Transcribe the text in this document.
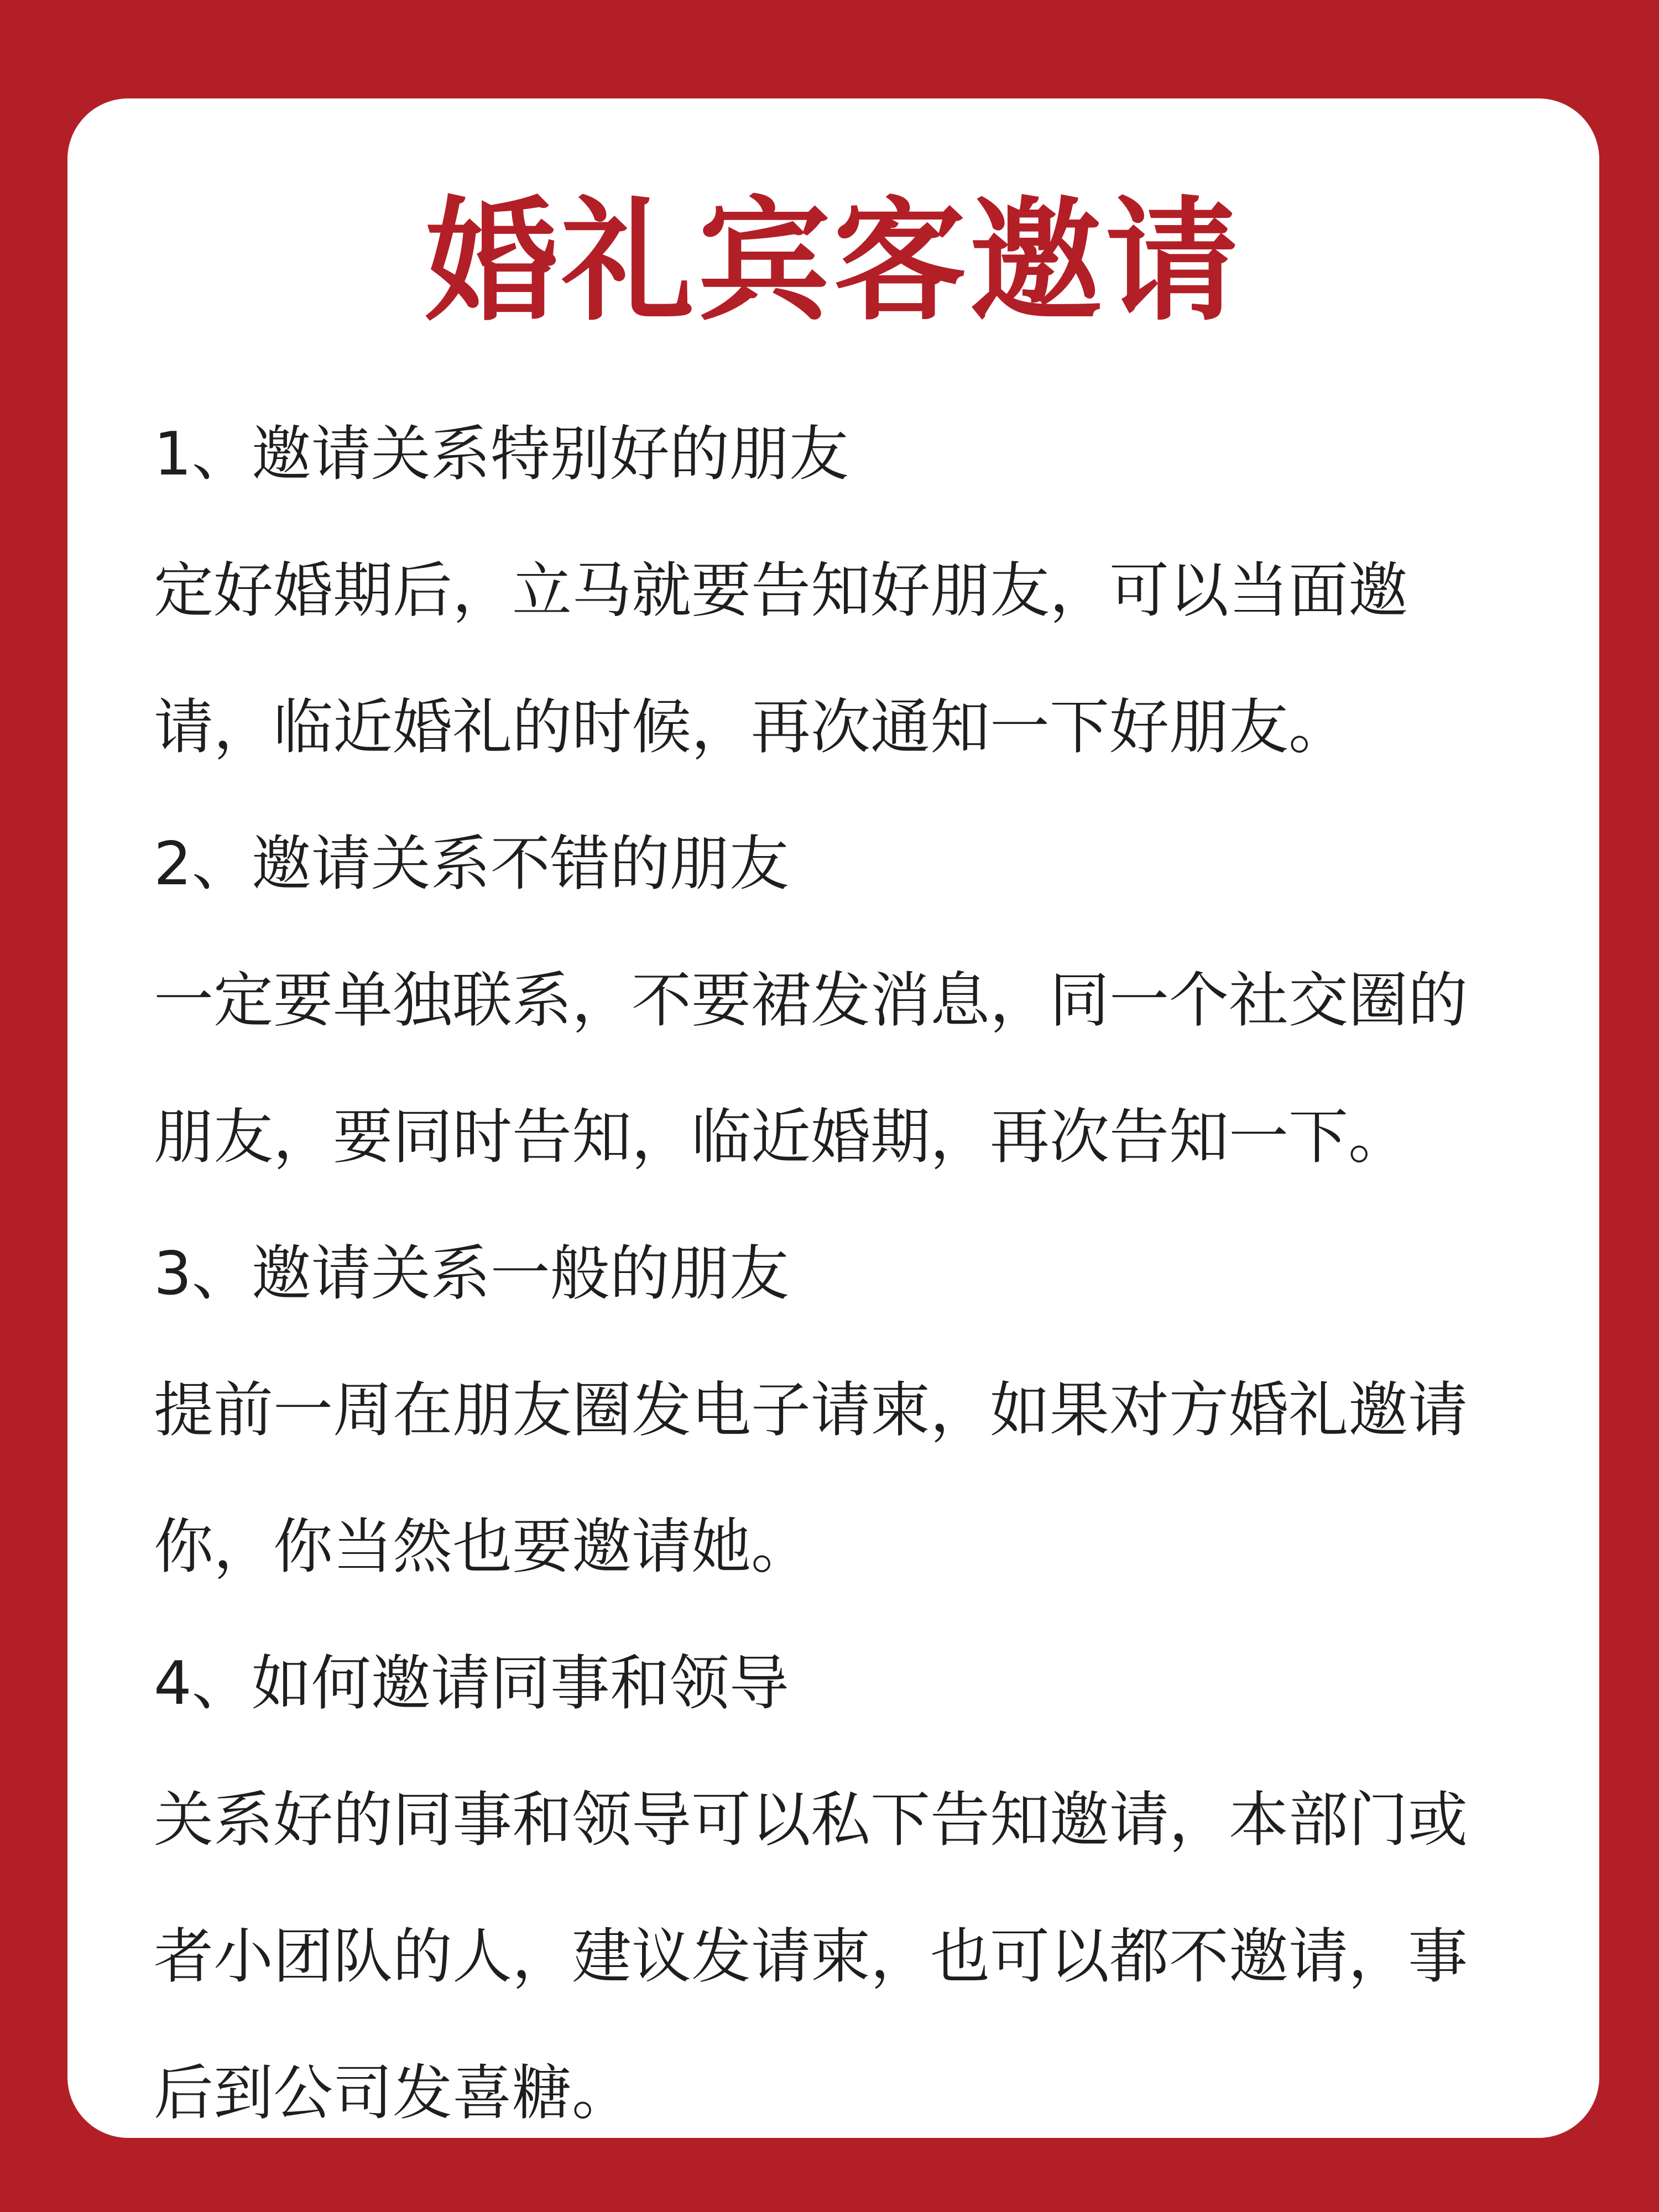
婚礼宾客邀请
1、邀请关系特别好的朋友

定好婚期后，立马就要告知好朋友，可以当面邀
请，临近婚礼的时候，再次通知一下好朋友。

2、邀请关系不错的朋友

一定要单独联系，不要裙发消息，同一个社交圈的
朋友，要同时告知，临近婚期，再次告知一下。

3、邀请关系一般的朋友

提前一周在朋友圈发电子请柬，如果对方婚礼邀请
你，你当然也要邀请她。

4、如何邀请同事和领导

关系好的同事和领导可以私下告知邀请，本部门或
者小团队的人，建议发请柬，也可以都不邀请，事
后到公司发喜糖。
